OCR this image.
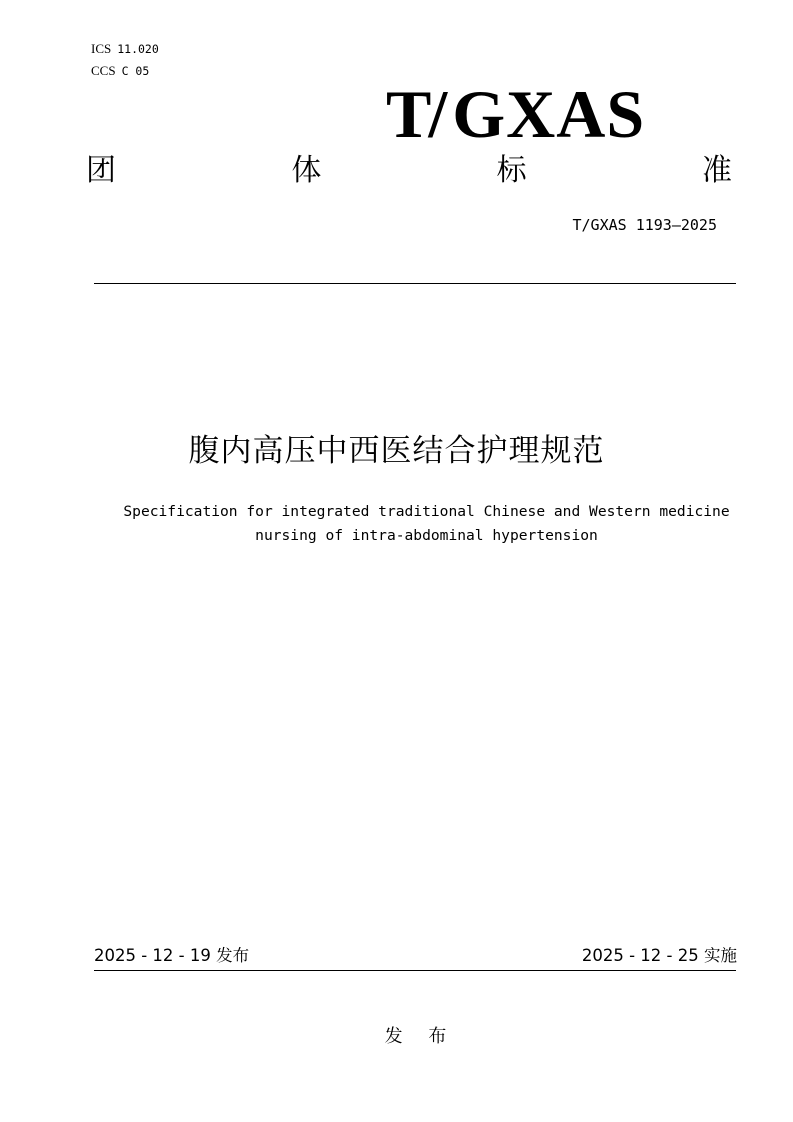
ICS 11.020
CCS C 05
T/GXAS
团	体	标	准
T/GXAS 1193—2025
腹内高压中西医结合护理规范
Specification for integrated traditional Chinese and Western medicine
nursing of intra-abdominal hypertension
2025 - 12 - 19 发布	2025 - 12 - 25 实施
发 布
